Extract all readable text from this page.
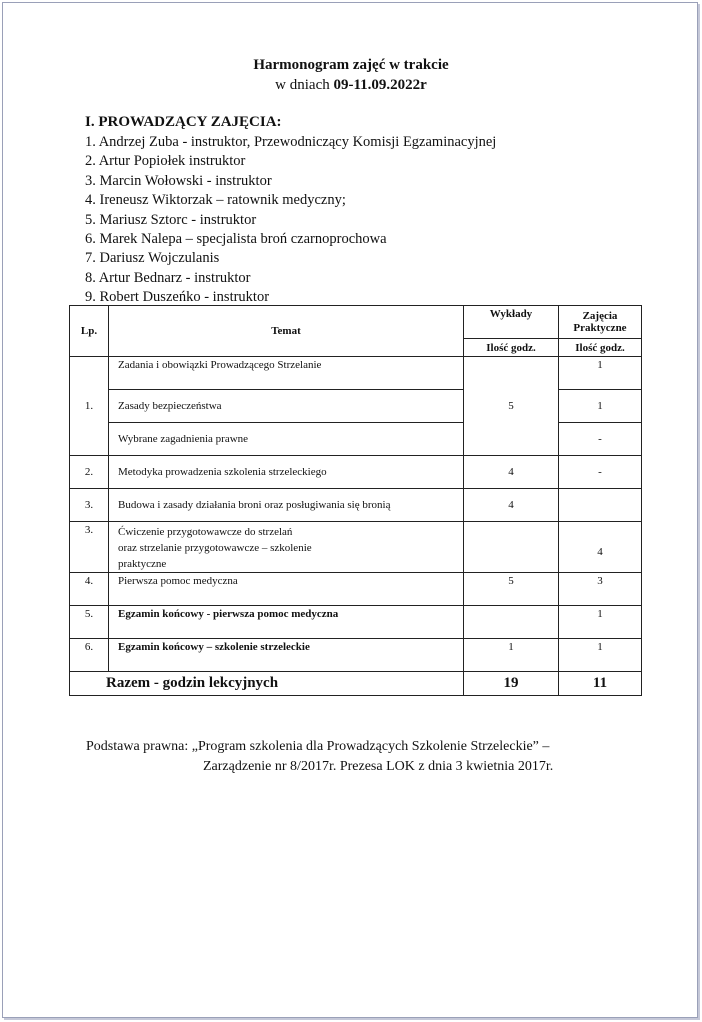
Harmonogram zajęć w trakcie
w dniach 09-11.09.2022r
I. PROWADZĄCY ZAJĘCIA:
1. Andrzej Zuba - instruktor, Przewodniczący Komisji Egzaminacyjnej
2. Artur Popiołek instruktor
3. Marcin Wołowski - instruktor
4. Ireneusz Wiktorzak – ratownik medyczny;
5. Mariusz Sztorc - instruktor
6. Marek Nalepa – specjalista broń czarnoprochowa
7. Dariusz Wojczulanis
8. Artur Bednarz - instruktor
9. Robert Duszeńko - instruktor
Lp.	Temat	Wykłady	Zajęcia Praktyczne
		Ilość godz.	Ilość godz.
1.	Zadania i obowiązki Prowadzącego Strzelanie	5	1
	Zasady bezpieczeństwa		1
	Wybrane zagadnienia prawne		-
2.	Metodyka prowadzenia szkolenia strzeleckiego	4	-
3.	Budowa i zasady działania broni oraz posługiwania się bronią	4	
3.	Ćwiczenie przygotowawcze do strzelań oraz strzelanie przygotowawcze – szkolenie praktyczne		4
4.	Pierwsza pomoc medyczna	5	3
5.	Egzamin końcowy - pierwsza pomoc medyczna		1
6.	Egzamin końcowy – szkolenie strzeleckie	1	1
Razem - godzin lekcyjnych		19	11
Podstawa prawna: „Program szkolenia dla Prowadzących Szkolenie Strzeleckie” –
Zarządzenie nr 8/2017r. Prezesa LOK z dnia 3 kwietnia 2017r.
